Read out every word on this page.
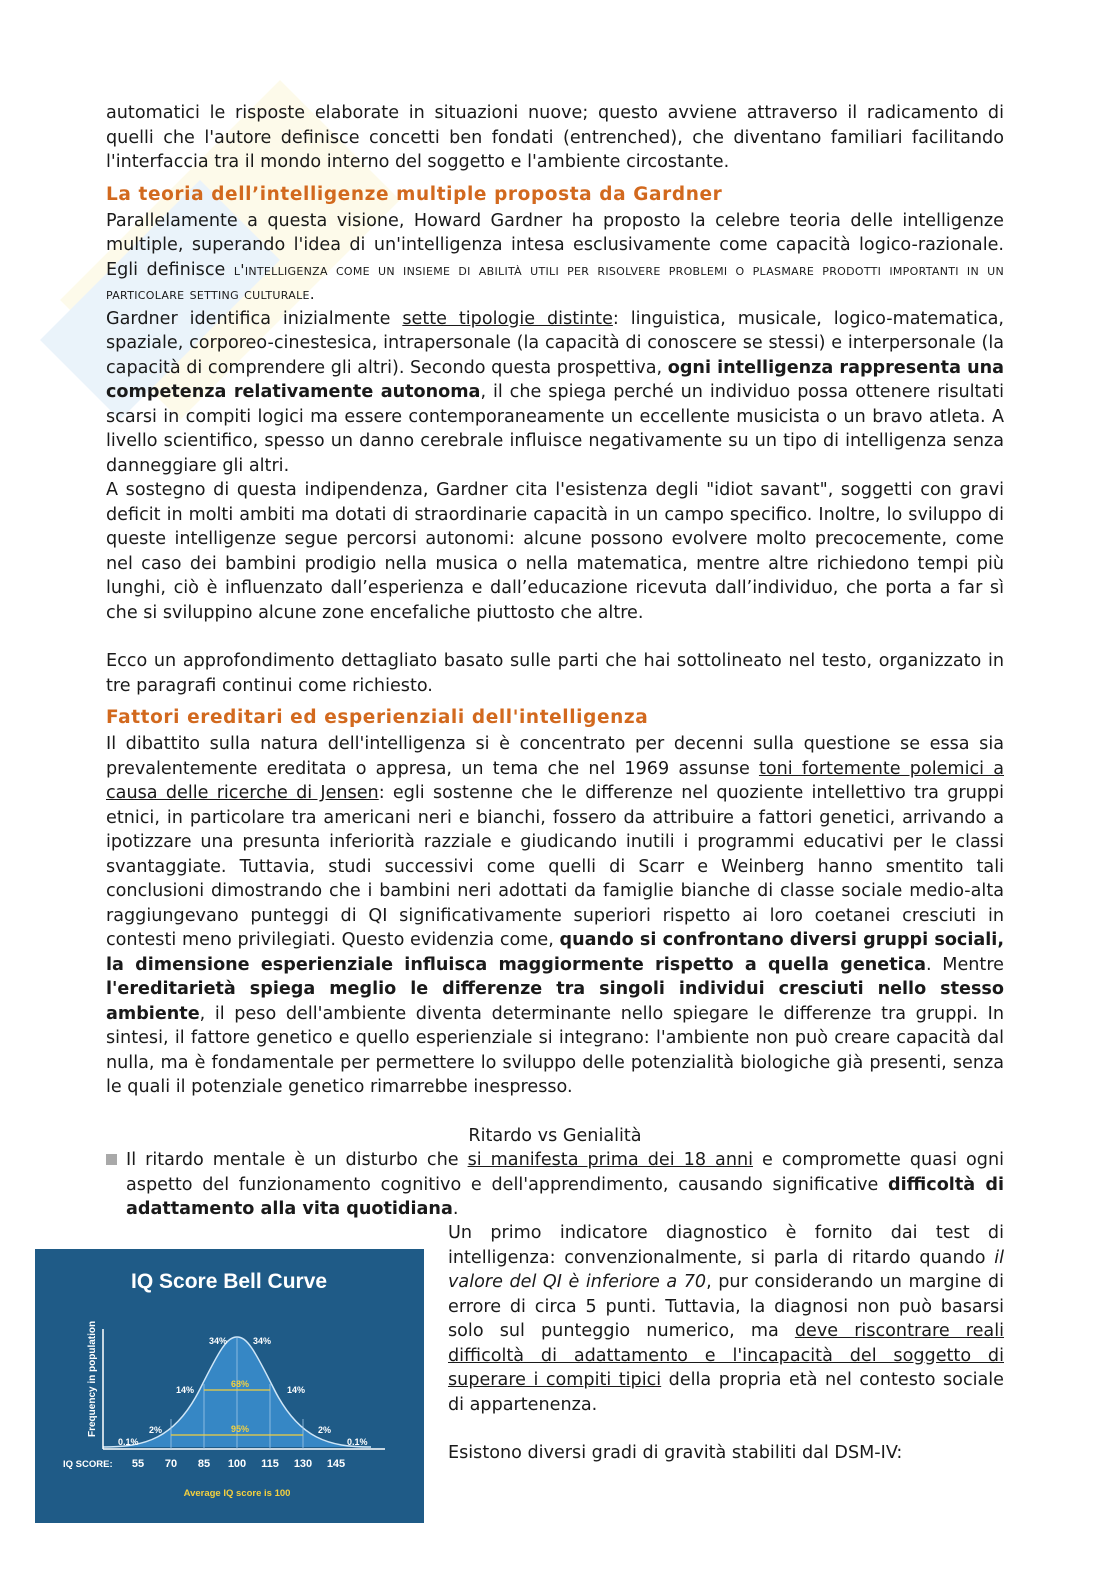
automatici le risposte elaborate in situazioni nuove; questo avviene attraverso il radicamento di quelli che l'autore definisce concetti ben fondati (entrenched), che diventano familiari facilitando l'interfaccia tra il mondo interno del soggetto e l'ambiente circostante.

La teoria dell’intelligenze multiple proposta da Gardner

Parallelamente a questa visione, Howard Gardner ha proposto la celebre teoria delle intelligenze multiple, superando l'idea di un'intelligenza intesa esclusivamente come capacità logico-razionale. Egli definisce l'intelligenza come un insieme di abilità utili per risolvere problemi o plasmare prodotti importanti in un particolare setting culturale.

Gardner identifica inizialmente sette tipologie distinte: linguistica, musicale, logico-matematica, spaziale, corporeo-cinestesica, intrapersonale (la capacità di conoscere se stessi) e interpersonale (la capacità di comprendere gli altri). Secondo questa prospettiva, ogni intelligenza rappresenta una competenza relativamente autonoma, il che spiega perché un individuo possa ottenere risultati scarsi in compiti logici ma essere contemporaneamente un eccellente musicista o un bravo atleta. A livello scientifico, spesso un danno cerebrale influisce negativamente su un tipo di intelligenza senza danneggiare gli altri.

A sostegno di questa indipendenza, Gardner cita l'esistenza degli "idiot savant", soggetti con gravi deficit in molti ambiti ma dotati di straordinarie capacità in un campo specifico. Inoltre, lo sviluppo di queste intelligenze segue percorsi autonomi: alcune possono evolvere molto precocemente, come nel caso dei bambini prodigio nella musica o nella matematica, mentre altre richiedono tempi più lunghi, ciò è influenzato dall’esperienza e dall’educazione ricevuta dall’individuo, che porta a far sì che si sviluppino alcune zone encefaliche piuttosto che altre.

Ecco un approfondimento dettagliato basato sulle parti che hai sottolineato nel testo, organizzato in tre paragrafi continui come richiesto.

Fattori ereditari ed esperienziali dell'intelligenza

Il dibattito sulla natura dell'intelligenza si è concentrato per decenni sulla questione se essa sia prevalentemente ereditata o appresa, un tema che nel 1969 assunse toni fortemente polemici a causa delle ricerche di Jensen: egli sostenne che le differenze nel quoziente intellettivo tra gruppi etnici, in particolare tra americani neri e bianchi, fossero da attribuire a fattori genetici, arrivando a ipotizzare una presunta inferiorità razziale e giudicando inutili i programmi educativi per le classi svantaggiate. Tuttavia, studi successivi come quelli di Scarr e Weinberg hanno smentito tali conclusioni dimostrando che i bambini neri adottati da famiglie bianche di classe sociale medio-alta raggiungevano punteggi di QI significativamente superiori rispetto ai loro coetanei cresciuti in contesti meno privilegiati. Questo evidenzia come, quando si confrontano diversi gruppi sociali, la dimensione esperienziale influisca maggiormente rispetto a quella genetica. Mentre l'ereditarietà spiega meglio le differenze tra singoli individui cresciuti nello stesso ambiente, il peso dell'ambiente diventa determinante nello spiegare le differenze tra gruppi. In sintesi, il fattore genetico e quello esperienziale si integrano: l'ambiente non può creare capacità dal nulla, ma è fondamentale per permettere lo sviluppo delle potenzialità biologiche già presenti, senza le quali il potenziale genetico rimarrebbe inespresso.

Ritardo vs Genialità

Il ritardo mentale è un disturbo che si manifesta prima dei 18 anni e compromette quasi ogni aspetto del funzionamento cognitivo e dell'apprendimento, causando significative difficoltà di adattamento alla vita quotidiana.

Un primo indicatore diagnostico è fornito dai test di intelligenza: convenzionalmente, si parla di ritardo quando il valore del QI è inferiore a 70, pur considerando un margine di errore di circa 5 punti. Tuttavia, la diagnosi non può basarsi solo sul punteggio numerico, ma deve riscontrare reali difficoltà di adattamento e l'incapacità del soggetto di superare i compiti tipici della propria età nel contesto sociale di appartenenza.

Esistono diversi gradi di gravità stabiliti dal DSM-IV:

IQ Score Bell Curve
Frequency in population
0.1%
2%
14%
34%	34%
14%
2%
0.1%
68%
95%
IQ SCORE: 55 70 85 100 115 130 145
Average IQ score is 100
